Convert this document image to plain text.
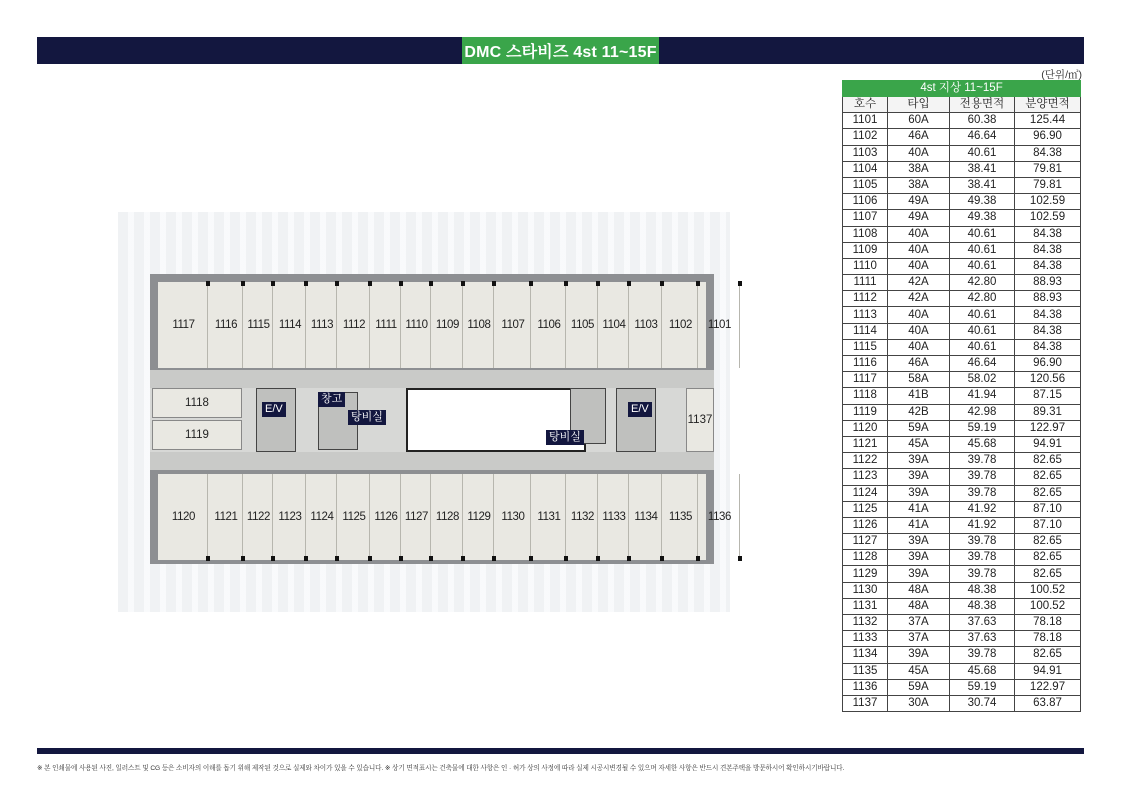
DMC 스타비즈 4st 11~15F
(단위/㎡)
4st 지상 11~15F			
호수	타입	전용면적	분양면적
1101	60A	60.38	125.44
1102	46A	46.64	96.90
1103	40A	40.61	84.38
1104	38A	38.41	79.81
1105	38A	38.41	79.81
1106	49A	49.38	102.59
1107	49A	49.38	102.59
1108	40A	40.61	84.38
1109	40A	40.61	84.38
1110	40A	40.61	84.38
1111	42A	42.80	88.93
1112	42A	42.80	88.93
1113	40A	40.61	84.38
1114	40A	40.61	84.38
1115	40A	40.61	84.38
1116	46A	46.64	96.90
1117	58A	58.02	120.56
1118	41B	41.94	87.15
1119	42B	42.98	89.31
1120	59A	59.19	122.97
1121	45A	45.68	94.91
1122	39A	39.78	82.65
1123	39A	39.78	82.65
1124	39A	39.78	82.65
1125	41A	41.92	87.10
1126	41A	41.92	87.10
1127	39A	39.78	82.65
1128	39A	39.78	82.65
1129	39A	39.78	82.65
1130	48A	48.38	100.52
1131	48A	48.38	100.52
1132	37A	37.63	78.18
1133	37A	37.63	78.18
1134	39A	39.78	82.65
1135	45A	45.68	94.91
1136	59A	59.19	122.97
1137	30A	30.74	63.87
1118
1119
1137
1117	1116 1115 1114 1113 1112 1111 1110 1109 1108 1107	1106 1105 1104 1103 1102	1101
1120	1121 1122 1123 1124 1125 1126 1127 1128 1129 1130	1131 1132 1133 1134 1135	1136
E/V
창고
탕비실
탕비실
E/V
※ 본 인쇄물에 사용된 사진, 일러스트 및 CG 등은 소비자의 이해를 돕기 위해 제작된 것으로 실제와 차이가 있을 수 있습니다. ※ 상기 면적표시는 건축물에 대한 사항은 인 · 허가 상의 사정에 따라 실제 시공시변경될 수 있으며 자세한 사항은 반드시 견본주택을 방문하시어 확인하시기바랍니다.
